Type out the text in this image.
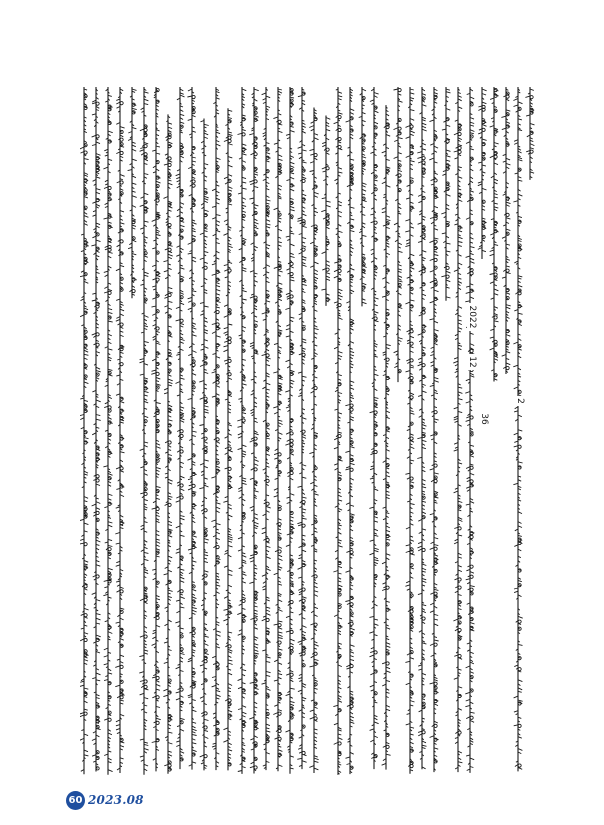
2022
12
36
2
60 2023.08
